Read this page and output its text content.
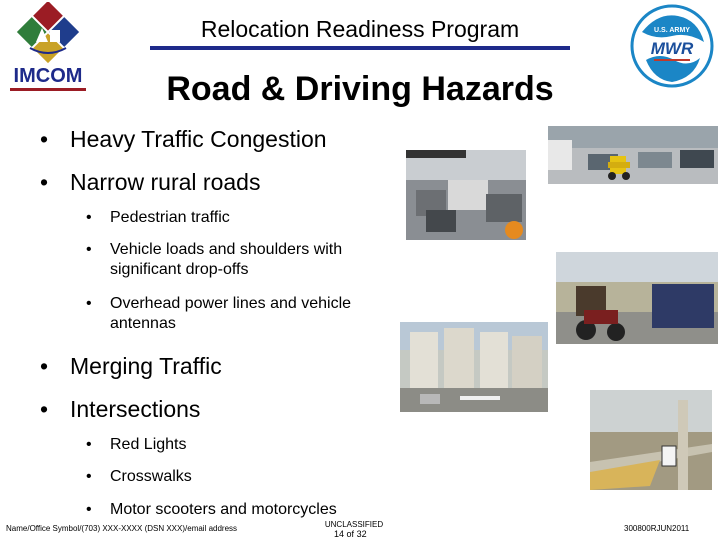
Relocation Readiness Program
Road & Driving Hazards
IMCOM
U.S. ARMY
MWR
• Heavy Traffic Congestion
• Narrow rural roads
• Pedestrian traffic
• Vehicle loads and shoulders with significant drop-offs
• Overhead power lines and vehicle antennas
• Merging Traffic
• Intersections
• Red Lights
• Crosswalks
• Motor scooters and motorcycles
Name/Office Symbol/(703) XXX-XXXX (DSN XXX)/email address	UNCLASSIFIED
14 of 32
300800RJUN2011
